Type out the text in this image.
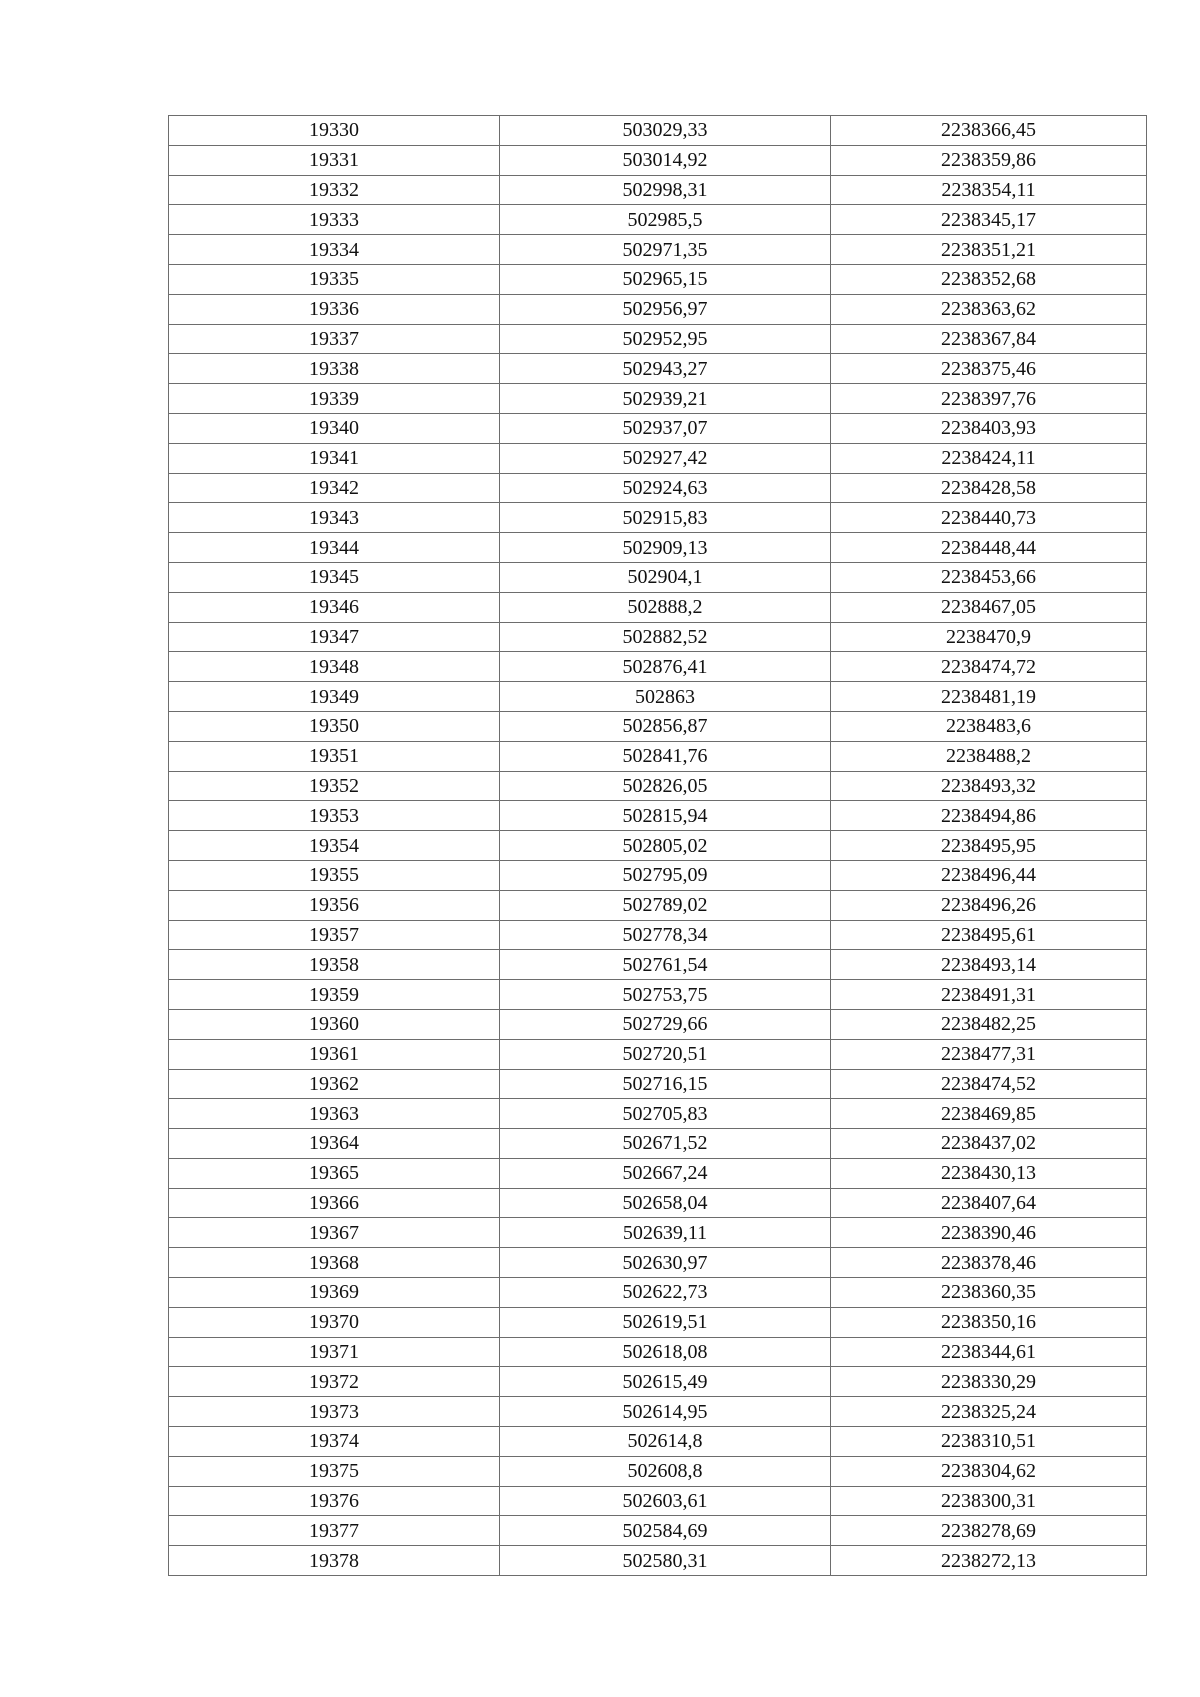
19330	503029,33	2238366,45
19331	503014,92	2238359,86
19332	502998,31	2238354,11
19333	502985,5	2238345,17
19334	502971,35	2238351,21
19335	502965,15	2238352,68
19336	502956,97	2238363,62
19337	502952,95	2238367,84
19338	502943,27	2238375,46
19339	502939,21	2238397,76
19340	502937,07	2238403,93
19341	502927,42	2238424,11
19342	502924,63	2238428,58
19343	502915,83	2238440,73
19344	502909,13	2238448,44
19345	502904,1	2238453,66
19346	502888,2	2238467,05
19347	502882,52	2238470,9
19348	502876,41	2238474,72
19349	502863	2238481,19
19350	502856,87	2238483,6
19351	502841,76	2238488,2
19352	502826,05	2238493,32
19353	502815,94	2238494,86
19354	502805,02	2238495,95
19355	502795,09	2238496,44
19356	502789,02	2238496,26
19357	502778,34	2238495,61
19358	502761,54	2238493,14
19359	502753,75	2238491,31
19360	502729,66	2238482,25
19361	502720,51	2238477,31
19362	502716,15	2238474,52
19363	502705,83	2238469,85
19364	502671,52	2238437,02
19365	502667,24	2238430,13
19366	502658,04	2238407,64
19367	502639,11	2238390,46
19368	502630,97	2238378,46
19369	502622,73	2238360,35
19370	502619,51	2238350,16
19371	502618,08	2238344,61
19372	502615,49	2238330,29
19373	502614,95	2238325,24
19374	502614,8	2238310,51
19375	502608,8	2238304,62
19376	502603,61	2238300,31
19377	502584,69	2238278,69
19378	502580,31	2238272,13
